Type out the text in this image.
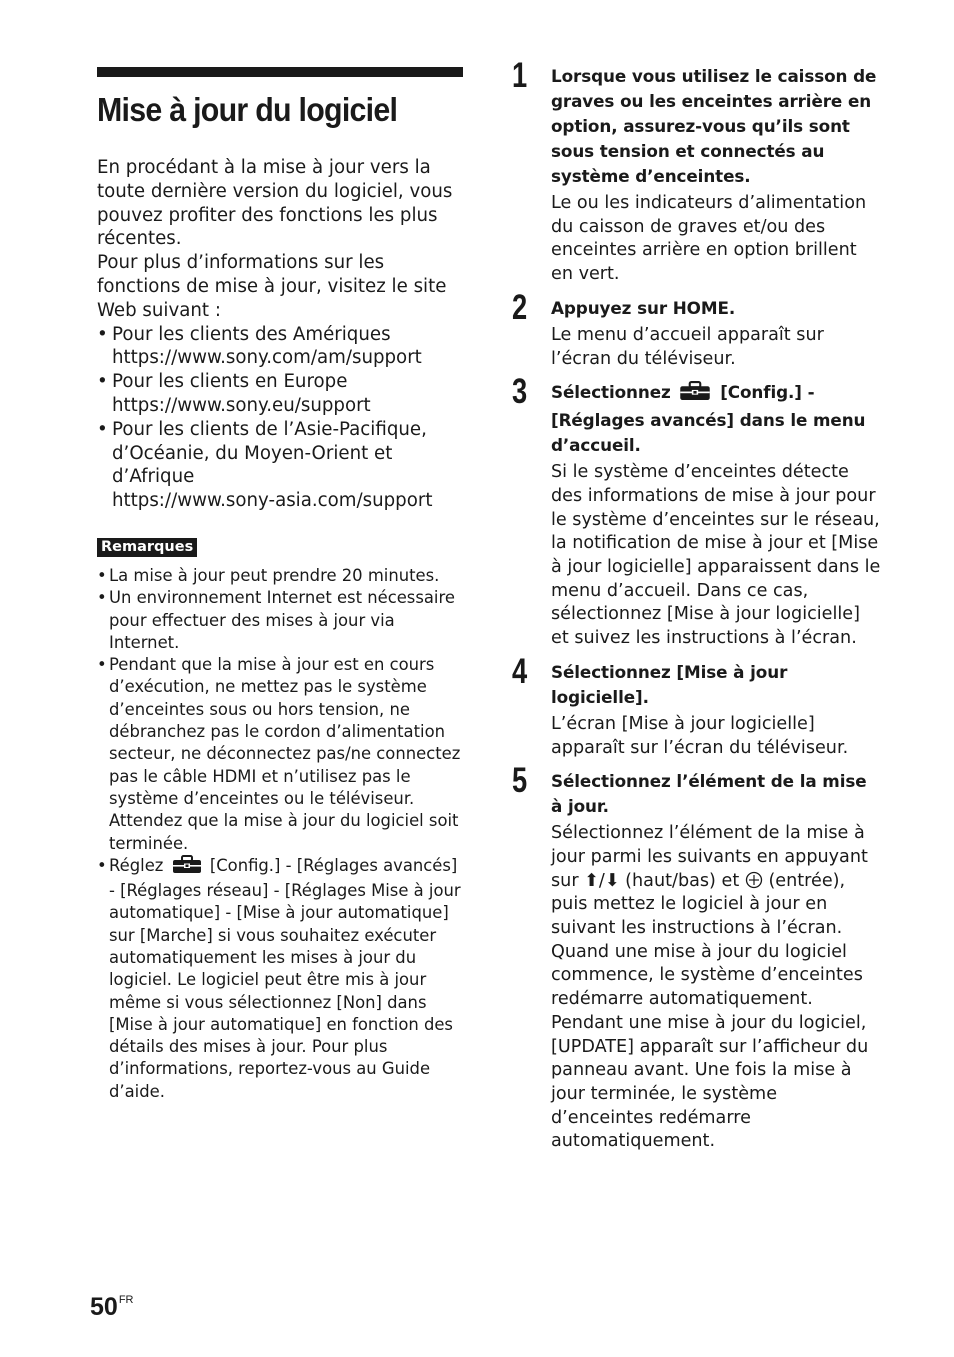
Mise à jour du logiciel

En procédant à la mise à jour vers la toute dernière version du logiciel, vous pouvez profiter des fonctions les plus récentes.

Pour plus d’informations sur les fonctions de mise à jour, visitez le site Web suivant :

• Pour les clients des Amériques
https://www.sony.com/am/support
• Pour les clients en Europe
https://www.sony.eu/support
• Pour les clients de l’Asie-Pacifique, d’Océanie, du Moyen-Orient et d’Afrique
https://www.sony-asia.com/support
Remarques
• La mise à jour peut prendre 20 minutes.
• Un environnement Internet est nécessaire pour effectuer des mises à jour via Internet.
• Pendant que la mise à jour est en cours d’exécution, ne mettez pas le système d’enceintes sous ou hors tension, ne débranchez pas le cordon d’alimentation secteur, ne déconnectez pas/ne connectez pas le câble HDMI et n’utilisez pas le système d’enceintes ou le téléviseur. Attendez que la mise à jour du logiciel soit terminée.
• Réglez	[Config.] - [Réglages avancés] - [Réglages réseau] - [Réglages Mise à jour automatique] - [Mise à jour automatique] sur [Marche] si vous souhaitez exécuter automatiquement les mises à jour du logiciel. Le logiciel peut être mis à jour même si vous sélectionnez [Non] dans [Mise à jour automatique] en fonction des détails des mises à jour. Pour plus d’informations, reportez-vous au Guide d’aide.
1 Lorsque vous utilisez le caisson de graves ou les enceintes arrière en option, assurez-vous qu’ils sont sous tension et connectés au système d’enceintes.

Le ou les indicateurs d’alimentation du caisson de graves et/ou des enceintes arrière en option brillent en vert.
2 Appuyez sur HOME.

Le menu d’accueil apparaît sur l’écran du téléviseur.
3 Sélectionnez	[Config.] - [Réglages avancés] dans le menu d’accueil.

Si le système d’enceintes détecte des informations de mise à jour pour le système d’enceintes sur le réseau, la notification de mise à jour et [Mise à jour logicielle] apparaissent dans le menu d’accueil. Dans ce cas, sélectionnez [Mise à jour logicielle] et suivez les instructions à l’écran.
4 Sélectionnez [Mise à jour logicielle].

L’écran [Mise à jour logicielle] apparaît sur l’écran du téléviseur.
5 Sélectionnez l’élément de la mise à jour.

Sélectionnez l’élément de la mise à jour parmi les suivants en appuyant sur ⬆/⬇ (haut/bas) et (entrée), puis mettez le logiciel à jour en suivant les instructions à l’écran.

Quand une mise à jour du logiciel commence, le système d’enceintes redémarre automatiquement.

Pendant une mise à jour du logiciel, [UPDATE] apparaît sur l’afficheur du panneau avant. Une fois la mise à jour terminée, le système d’enceintes redémarre automatiquement.

$50^{FR}$
